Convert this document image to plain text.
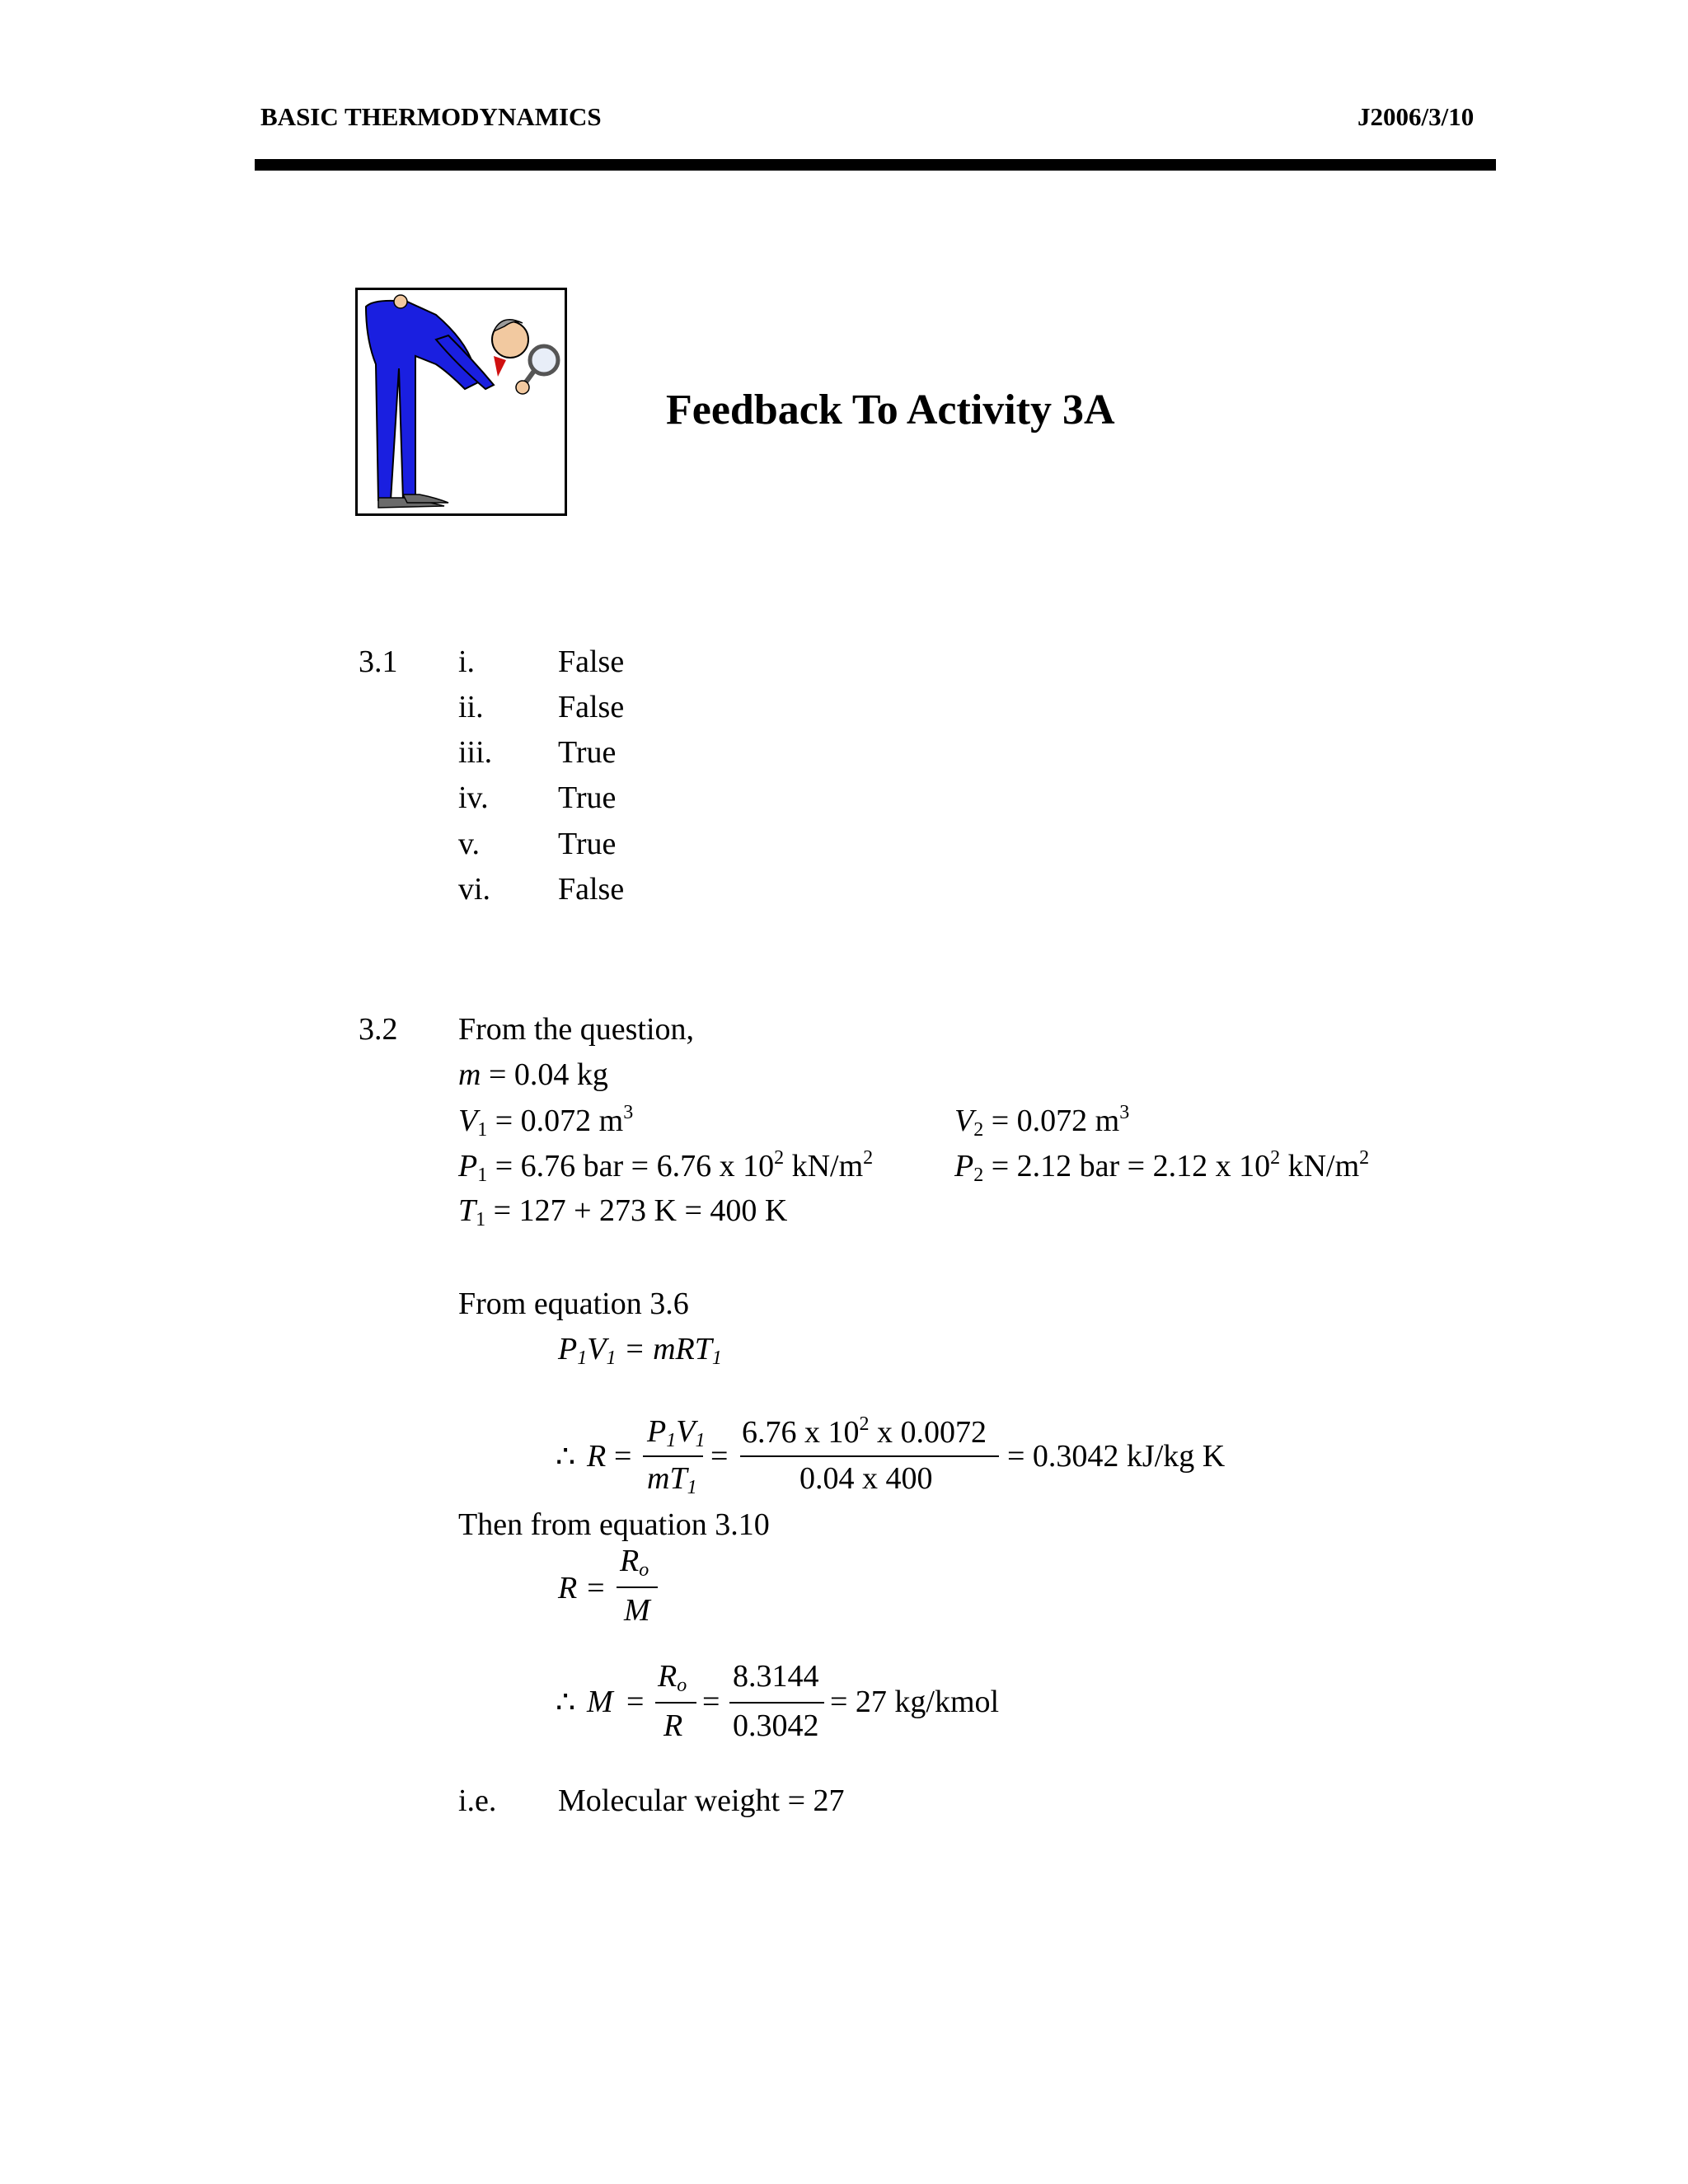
BASIC THERMODYNAMICS	J2006/3/10
Feedback To Activity 3A
3.1 i.	False
ii. False
iii. True
iv. True
v. True
vi. False
3.2 From the question,
m = 0.04 kg
$V_1 = 0.072$ $m^3$	$V_2 = 0.072$ $m^3$
$P_1 = 6.76$ bar = 6.76 x $10^2$ $kN/m^2$	$P_2 = 2.12$ bar = 2.12 x $10^2$ $kN/m^2$
$T_1 = 127 + 273$ K = 400 K
From equation 3.6
$P_1V_1 = mRT_1$
∴ R =
$P_1V_1$
$mT_1$
=
6.76 x $10^2$ x 0.0072
0.04 x 400
= 0.3042 kJ/kg K
Then from equation 3.10
R =
$R_o$
M
∴ M =
$R_o$
R
=
8.3144
0.3042
= 27 kg/kmol
i.e. Molecular weight = 27
